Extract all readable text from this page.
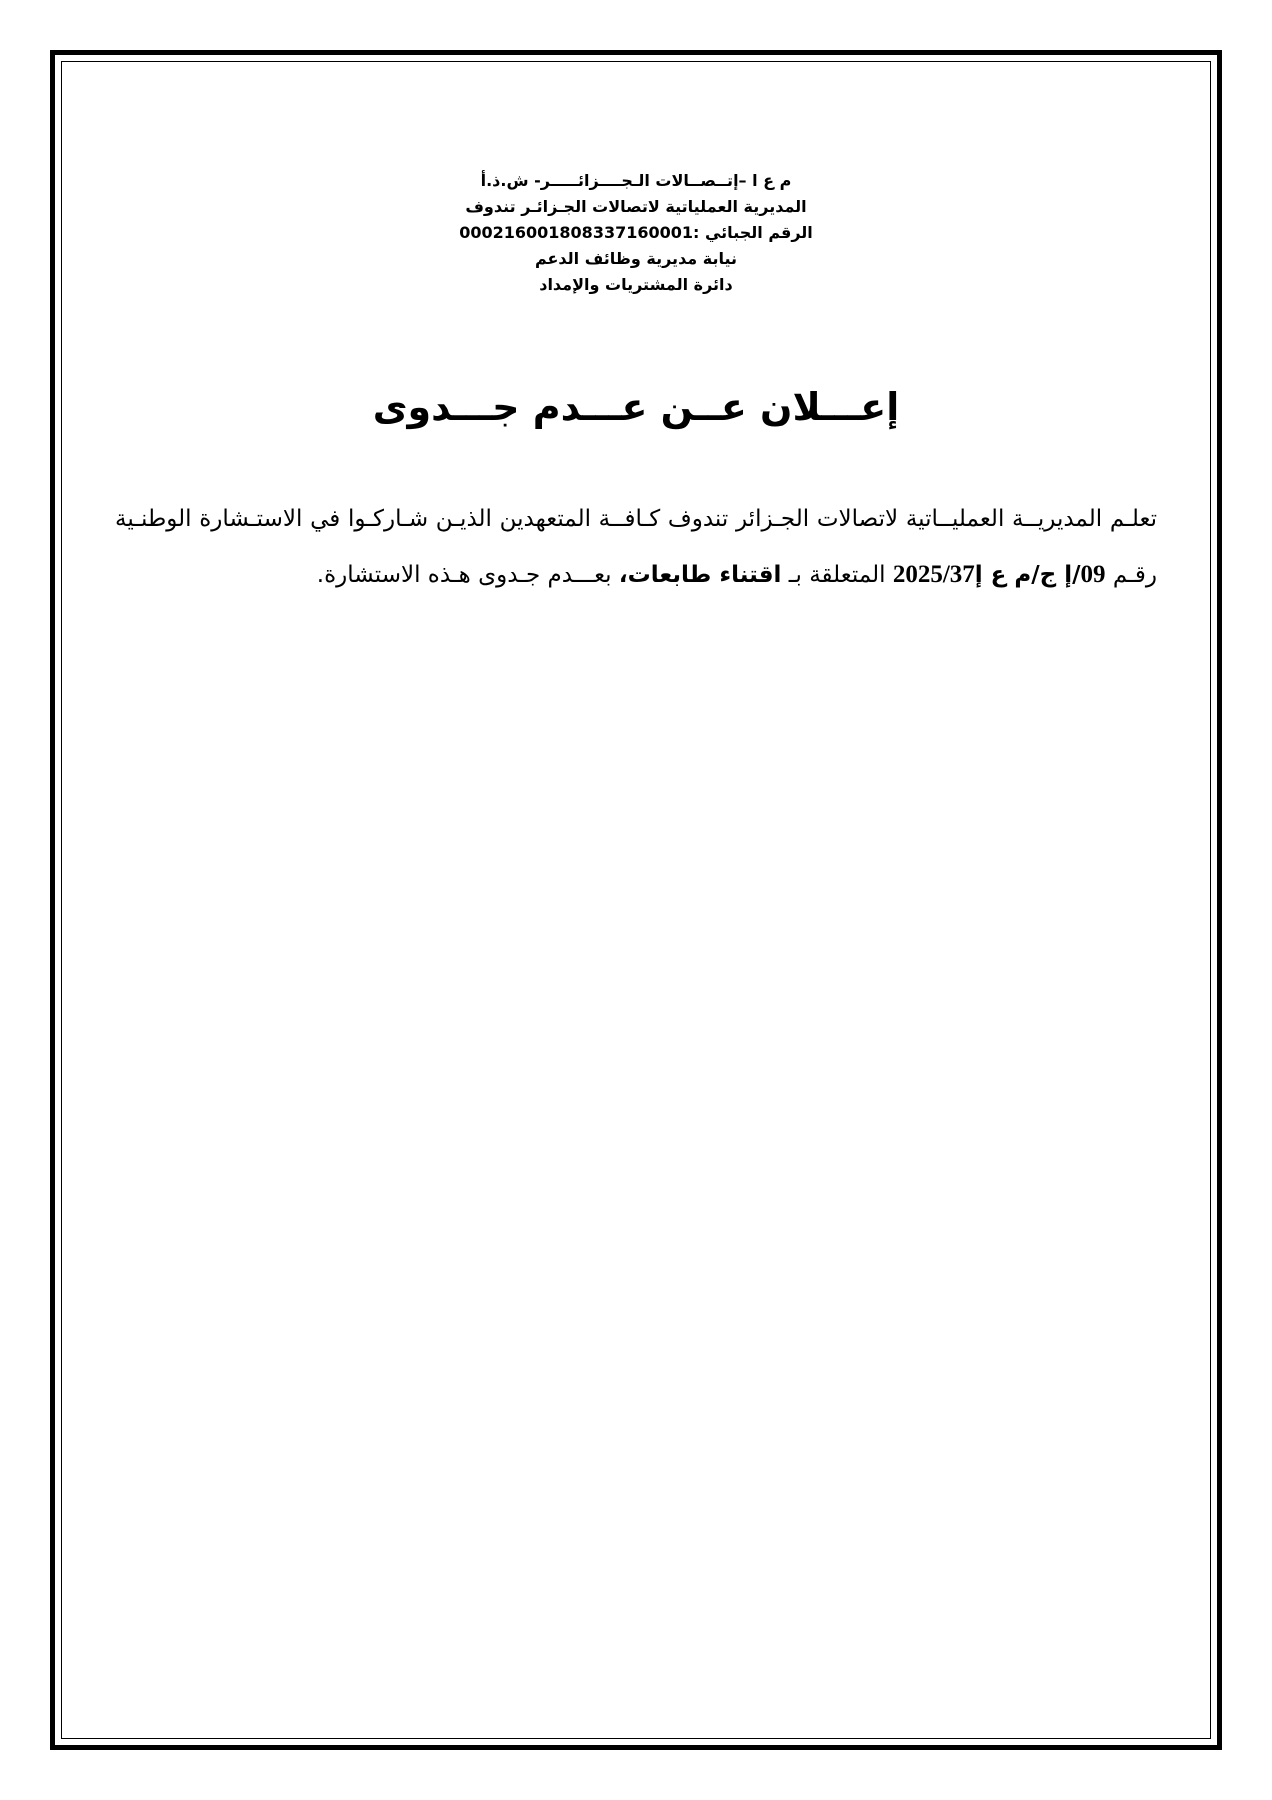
م ع ا –إتــصــالات الـجــــزائـــــر- ش.ذ.أ
المديرية العملياتية لاتصالات الجـزائـر تندوف
الرقم الجبائي :000216001808337160001
نيابة مديرية وظائف الدعم
دائرة المشتريات والإمداد
إعـــلان عــن عـــدم جـــدوى
تعلـم المديريــة العمليــاتية لاتصالات الجـزائر تندوف كـافــة المتعهدين الذيـن شـاركـوا في الاستـشارة الوطنـية رقـم 09/إ ج/م ع إ2025/37 المتعلقة بـ اقتناء طابعات، بعـــدم جـدوى هـذه الاستشارة.
